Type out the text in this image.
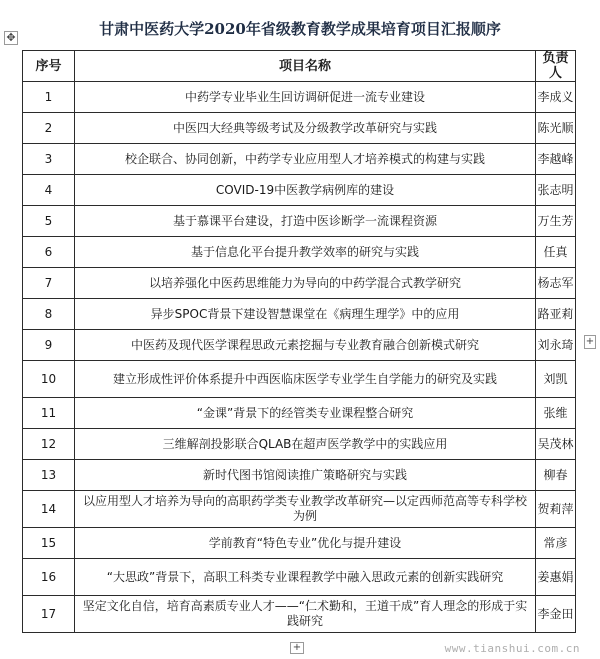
✥	甘肃中医药大学2020年省级教育教学成果培育项目汇报顺序
序号	项目名称	负责人
1	中药学专业毕业生回访调研促进一流专业建设	李成义
2	中医四大经典等级考试及分级教学改革研究与实践	陈光顺
3	校企联合、协同创新，中药学专业应用型人才培养模式的构建与实践	李越峰
4	COVID-19中医教学病例库的建设	张志明
5	基于慕课平台建设，打造中医诊断学一流课程资源	万生芳
6	基于信息化平台提升教学效率的研究与实践	任真
7	以培养强化中医药思维能力为导向的中药学混合式教学研究	杨志军
8	异步SPOC背景下建设智慧课堂在《病理生理学》中的应用	路亚莉
9	中医药及现代医学课程思政元素挖掘与专业教育融合创新模式研究	刘永琦
10	建立形成性评价体系提升中西医临床医学专业学生自学能力的研究及实践	刘凯
11	“金课”背景下的经管类专业课程整合研究	张维
12	三维解剖投影联合QLAB在超声医学教学中的实践应用	吴茂林
13	新时代图书馆阅读推广策略研究与实践	柳春
14	以应用型人才培养为导向的高职药学类专业教学改革研究—以定西师范高等专科学校为例	贺莉萍
15	学前教育“特色专业”优化与提升建设	常彦
16	“大思政”背景下，高职工科类专业课程教学中融入思政元素的创新实践研究	姜惠娟
17	坚定文化自信，培育高素质专业人才——“仁术勤和，王道干成”育人理念的形成于实践研究	李金田
+
+	www.tianshui.com.cn
